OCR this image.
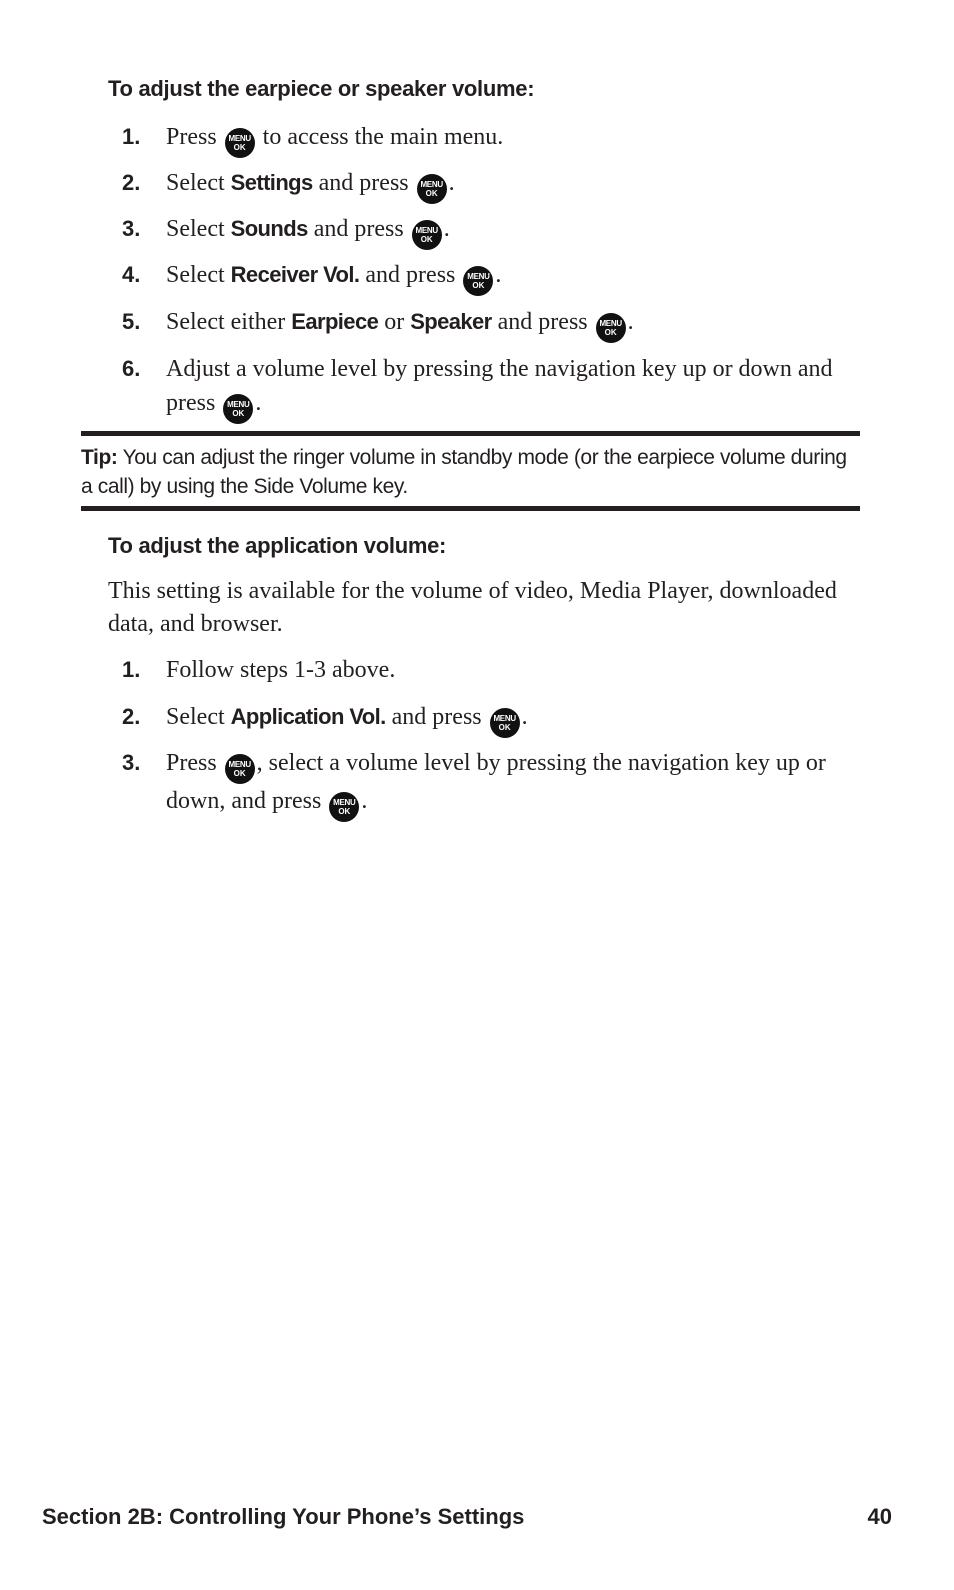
To adjust the earpiece or speaker volume:
1.	Press	MENU
OK to access the main menu.
2.	Select Settings and press	MENU
OK .
3.	Select Sounds and press	MENU
OK .
4.	Select Receiver Vol. and press	MENU
OK .
5.	Select either Earpiece or Speaker and press	MENU
OK .
6.	Adjust a volume level by pressing the navigation key up or down and press	MENU
OK .
Tip: You can adjust the ringer volume in standby mode (or the earpiece volume during a call) by using the Side Volume key.
To adjust the application volume:
This setting is available for the volume of video, Media Player, downloaded data, and browser.
1.	Follow steps 1-3 above.
2.	Select Application Vol. and press	MENU
OK .
3.	Press	MENU
OK , select a volume level by pressing the navigation key up or down, and press	MENU
OK .
Section 2B: Controlling Your Phone’s Settings	40
